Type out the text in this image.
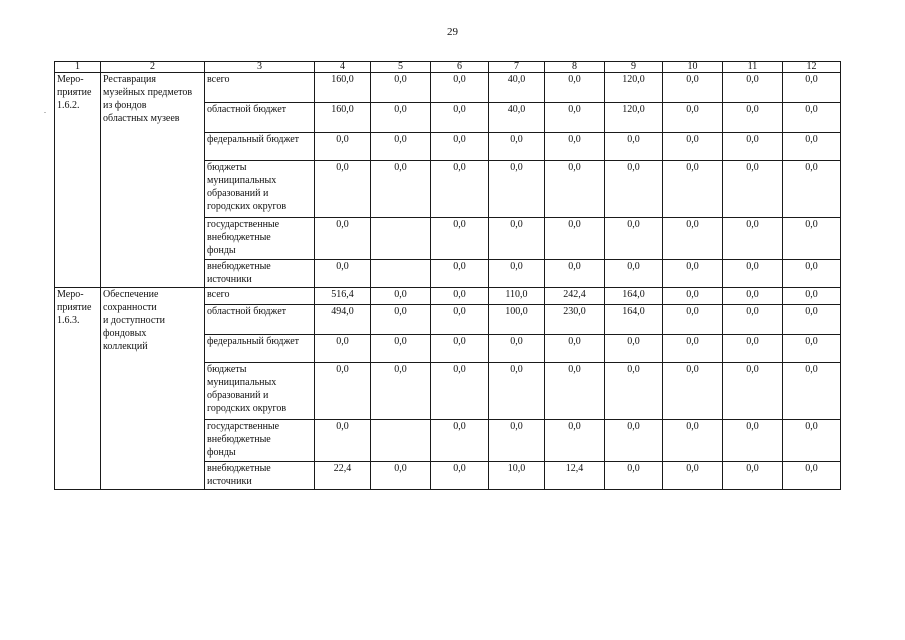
29
.
1	2	3	4	5	6	7	8	9	10	11	12
Меро-
приятие
1.6.2.	Реставрация
музейных предметов
из фондов
областных музеев	всего	160,0	0,0	0,0	40,0	0,0	120,0	0,0	0,0	0,0
		областной бюджет	160,0	0,0	0,0	40,0	0,0	120,0	0,0	0,0	0,0
		федеральный бюджет	0,0	0,0	0,0	0,0	0,0	0,0	0,0	0,0	0,0
		бюджеты
муниципальных
образований и
городских округов	0,0	0,0	0,0	0,0	0,0	0,0	0,0	0,0	0,0
		государственные
внебюджетные
фонды	0,0		0,0	0,0	0,0	0,0	0,0	0,0	0,0
		внебюджетные
источники	0,0		0,0	0,0	0,0	0,0	0,0	0,0	0,0
Меро-
приятие
1.6.3.	Обеспечение
сохранности
и доступности
фондовых
коллекций	всего	516,4	0,0	0,0	110,0	242,4	164,0	0,0	0,0	0,0
		областной бюджет	494,0	0,0	0,0	100,0	230,0	164,0	0,0	0,0	0,0
		федеральный бюджет	0,0	0,0	0,0	0,0	0,0	0,0	0,0	0,0	0,0
		бюджеты
муниципальных
образований и
городских округов	0,0	0,0	0,0	0,0	0,0	0,0	0,0	0,0	0,0
		государственные
внебюджетные
фонды	0,0		0,0	0,0	0,0	0,0	0,0	0,0	0,0
		внебюджетные
источники	22,4	0,0	0,0	10,0	12,4	0,0	0,0	0,0	0,0
